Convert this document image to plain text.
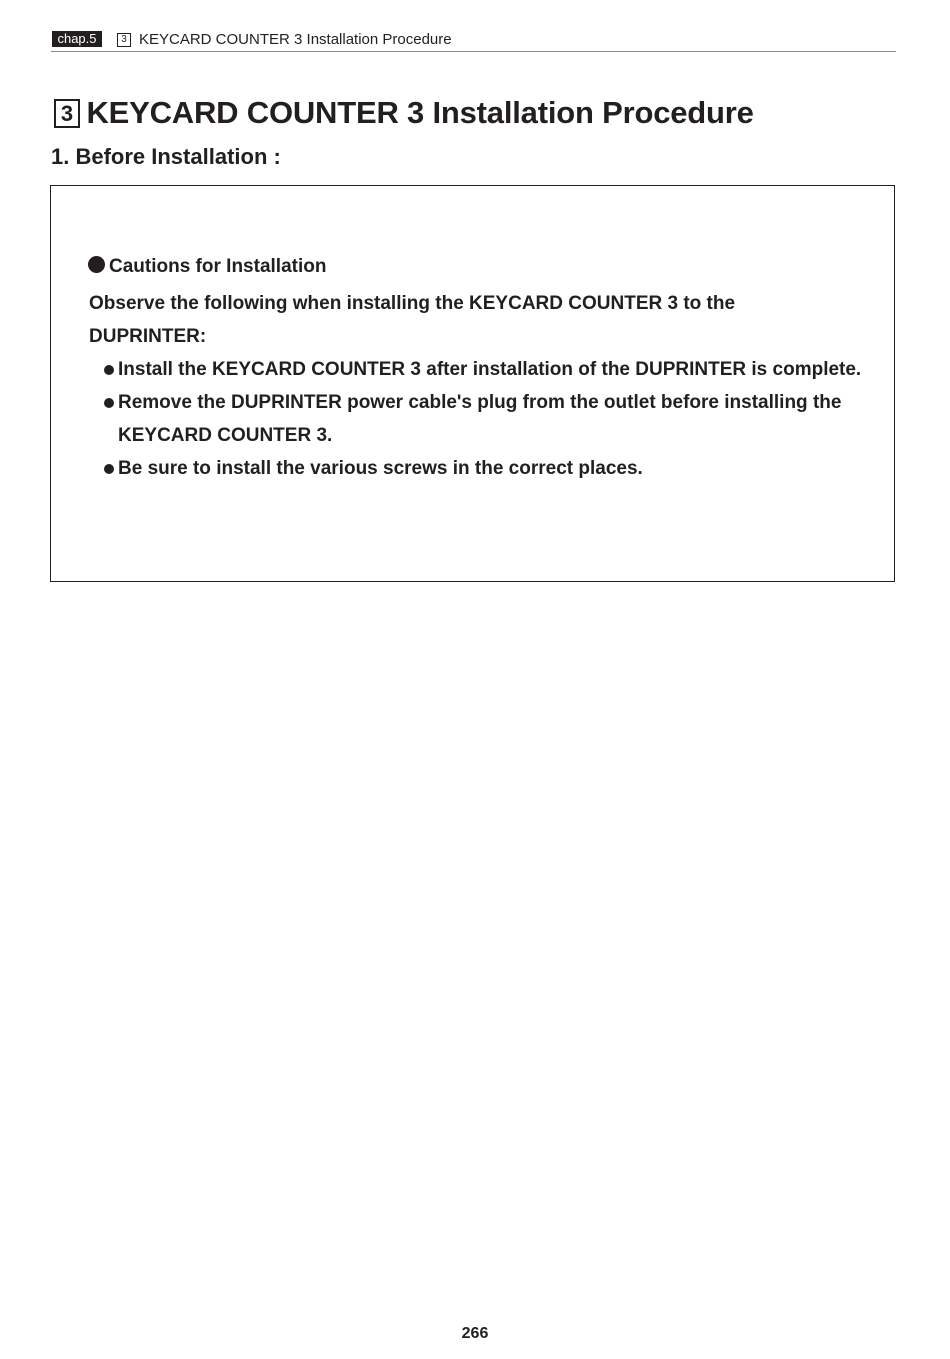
chap.5	3 KEYCARD COUNTER 3 Installation Procedure
3 KEYCARD COUNTER 3 Installation Procedure
1. Before Installation :
Cautions for Installation
Observe the following when installing the KEYCARD COUNTER 3 to the DUPRINTER:
Install the KEYCARD COUNTER 3 after installation of the DUPRINTER is complete.
Remove the DUPRINTER power cable's plug from the outlet before installing the KEYCARD COUNTER 3.
Be sure to install the various screws in the correct places.
266
